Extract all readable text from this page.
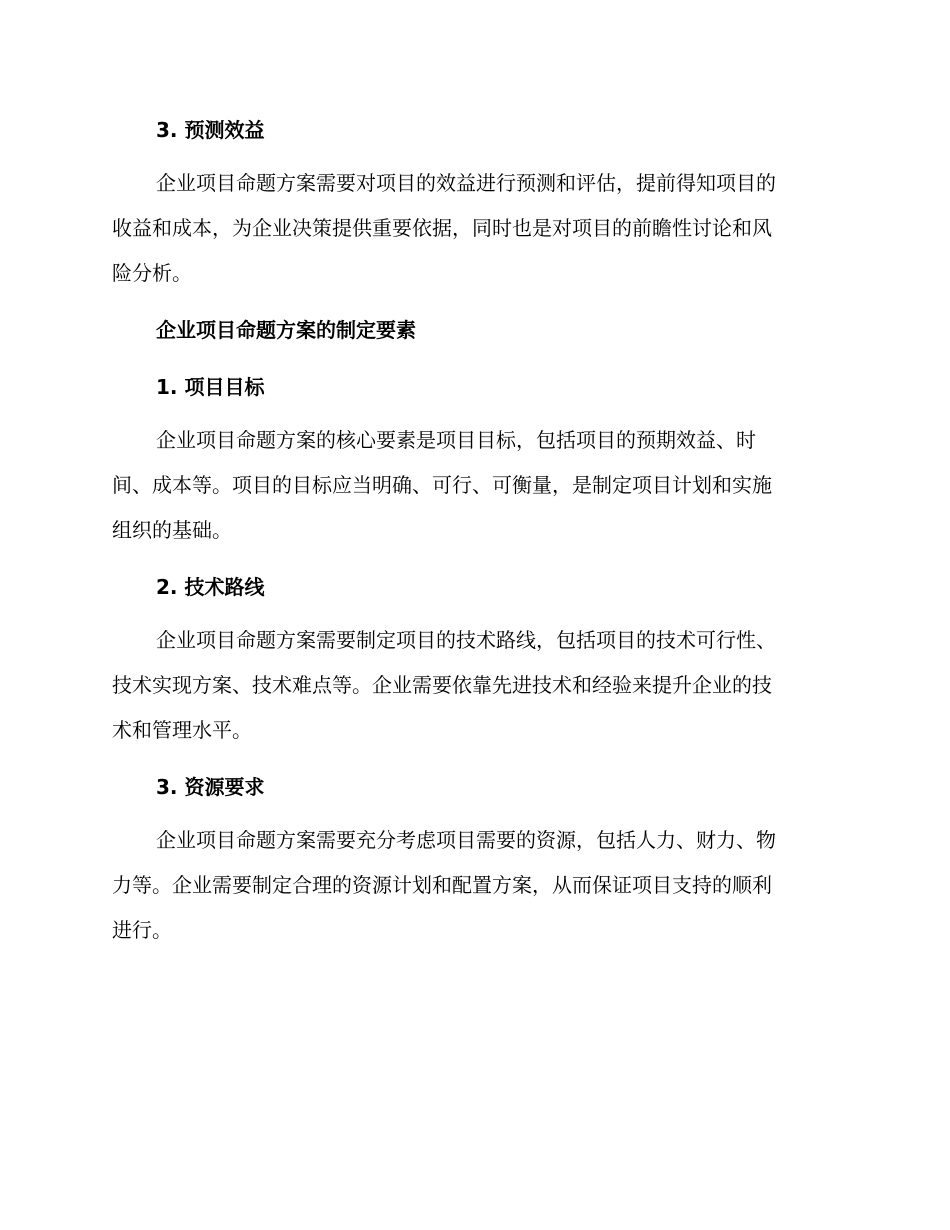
3. 预测效益

企业项目命题方案需要对项目的效益进行预测和评估，提前得知项目的
收益和成本，为企业决策提供重要依据，同时也是对项目的前瞻性讨论和风
险分析。

企业项目命题方案的制定要素
1. 项目目标

企业项目命题方案的核心要素是项目目标，包括项目的预期效益、时
间、成本等。项目的目标应当明确、可行、可衡量，是制定项目计划和实施
组织的基础。

2. 技术路线

企业项目命题方案需要制定项目的技术路线，包括项目的技术可行性、
技术实现方案、技术难点等。企业需要依靠先进技术和经验来提升企业的技
术和管理水平。

3. 资源要求

企业项目命题方案需要充分考虑项目需要的资源，包括人力、财力、物
力等。企业需要制定合理的资源计划和配置方案，从而保证项目支持的顺利
进行。
